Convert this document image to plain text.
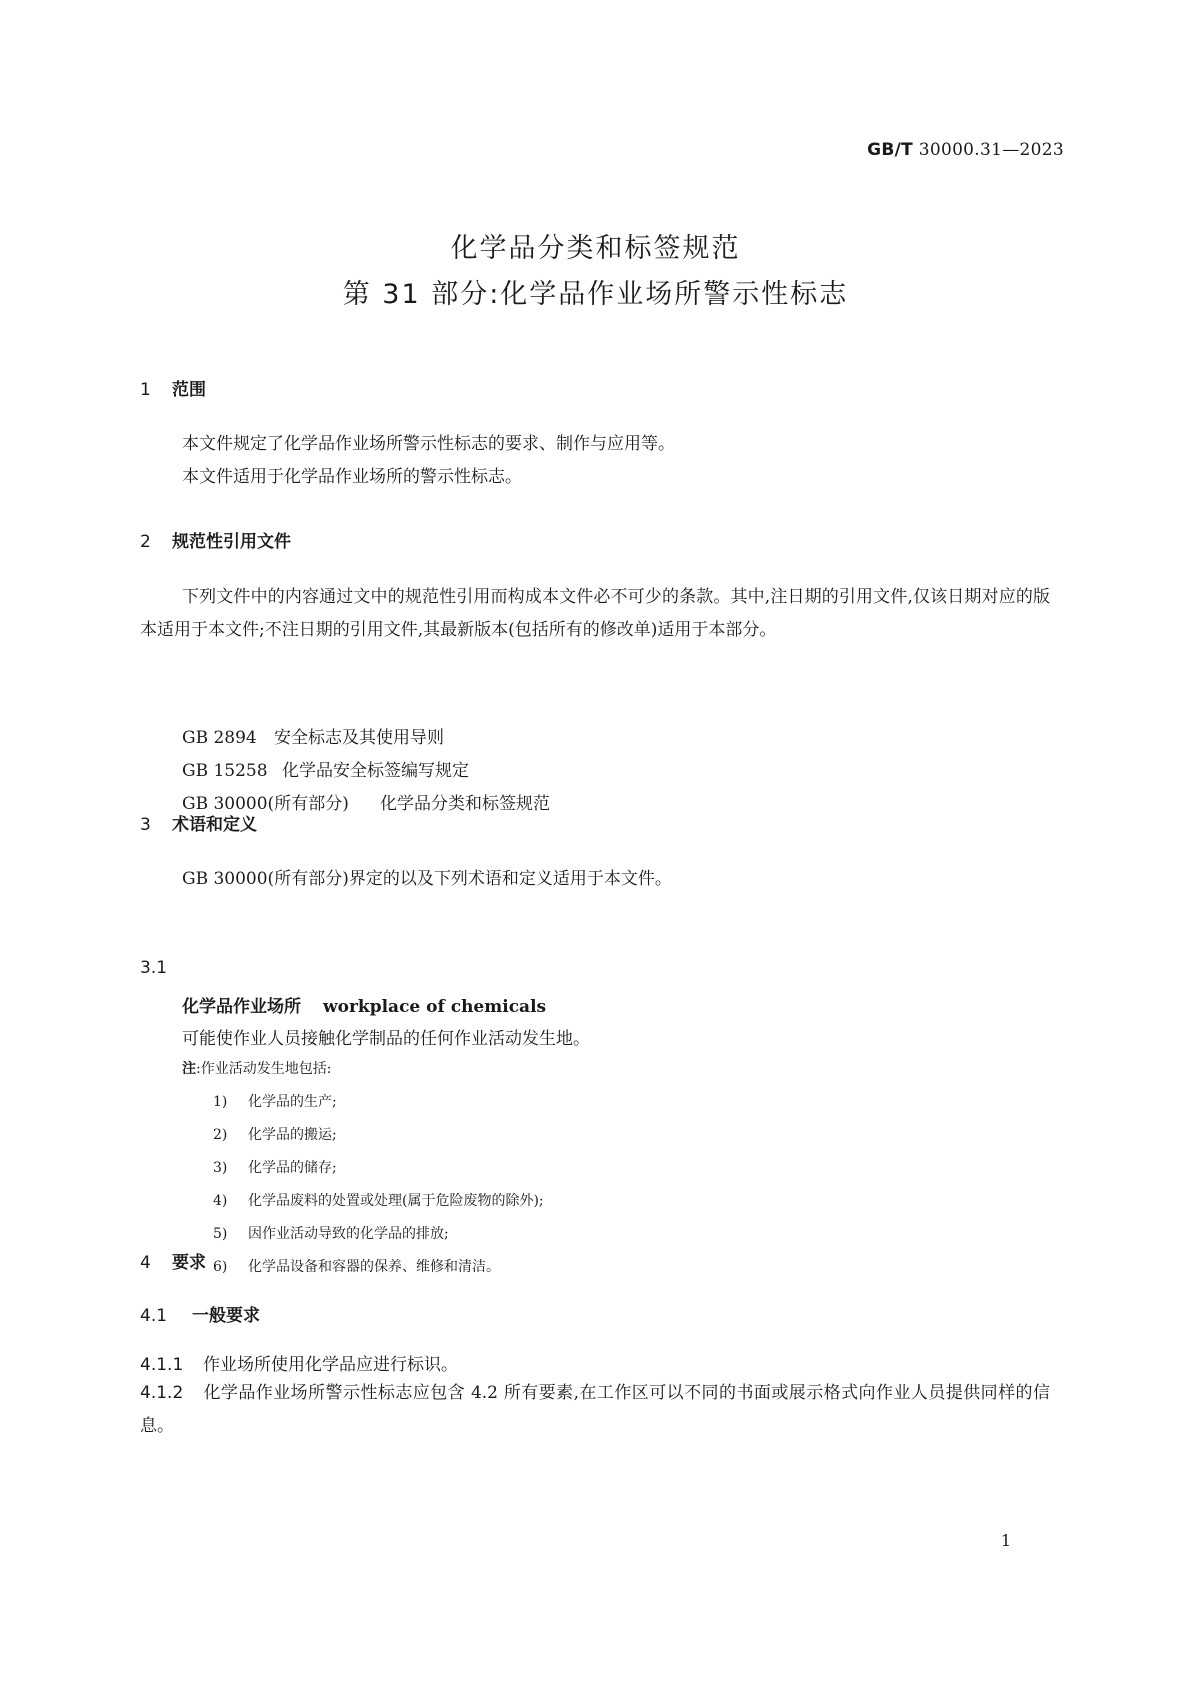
GB/T 30000.31—2023
化学品分类和标签规范
第 31 部分:化学品作业场所警示性标志
1 范围
本文件规定了化学品作业场所警示性标志的要求、制作与应用等。
本文件适用于化学品作业场所的警示性标志。
2 规范性引用文件
下列文件中的内容通过文中的规范性引用而构成本文件必不可少的条款。其中,注日期的引用文件,仅该日期对应的版本适用于本文件;不注日期的引用文件,其最新版本(包括所有的修改单)适用于本部分。
GB 2894 安全标志及其使用导则
GB 15258 化学品安全标签编写规定
GB 30000(所有部分) 化学品分类和标签规范
3 术语和定义
GB 30000(所有部分)界定的以及下列术语和定义适用于本文件。
3.1
化学品作业场所 workplace of chemicals
可能使作业人员接触化学制品的任何作业活动发生地。
注:作业活动发生地包括:
1) 化学品的生产;
2) 化学品的搬运;
3) 化学品的储存;
4) 化学品废料的处置或处理(属于危险废物的除外);
5) 因作业活动导致的化学品的排放;
6) 化学品设备和容器的保养、维修和清洁。
4 要求
4.1 一般要求
4.1.1 作业场所使用化学品应进行标识。
4.1.2 化学品作业场所警示性标志应包含 4.2 所有要素,在工作区可以不同的书面或展示格式向作业人员提供同样的信息。
1
